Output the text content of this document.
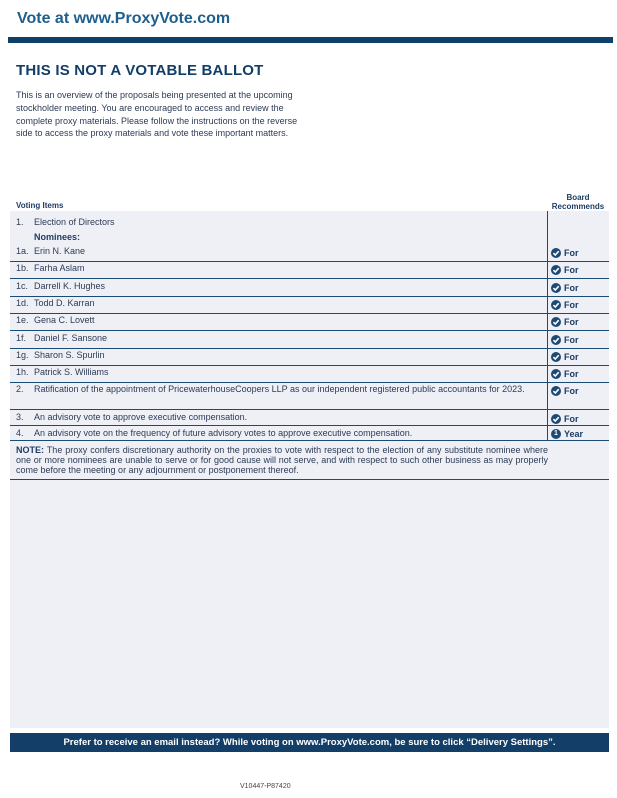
Vote at www.ProxyVote.com
THIS IS NOT A VOTABLE BALLOT
This is an overview of the proposals being presented at the upcoming stockholder meeting. You are encouraged to access and review the complete proxy materials. Please follow the instructions on the reverse side to access the proxy materials and vote these important matters.
Voting Items
Board
Recommends
1. Election of Directors
Nominees:
1a. Erin N. Kane	For
1b. Farha Aslam	For
1c. Darrell K. Hughes	For
1d. Todd D. Karran	For
1e. Gena C. Lovett	For
1f. Daniel F. Sansone	For
1g. Sharon S. Spurlin	For
1h. Patrick S. Williams	For
2. Ratification of the appointment of PricewaterhouseCoopers LLP as our independent registered public accountants for 2023.	For
3. An advisory vote to approve executive compensation.	For
4. An advisory vote on the frequency of future advisory votes to approve executive compensation.	1 Year
NOTE: The proxy confers discretionary authority on the proxies to vote with respect to the election of any substitute nominee where one or more nominees are unable to serve or for good cause will not serve, and with respect to such other business as may properly come before the meeting or any adjournment or postponement thereof.
Prefer to receive an email instead? While voting on www.ProxyVote.com, be sure to click “Delivery Settings”.
V10447-P87420
